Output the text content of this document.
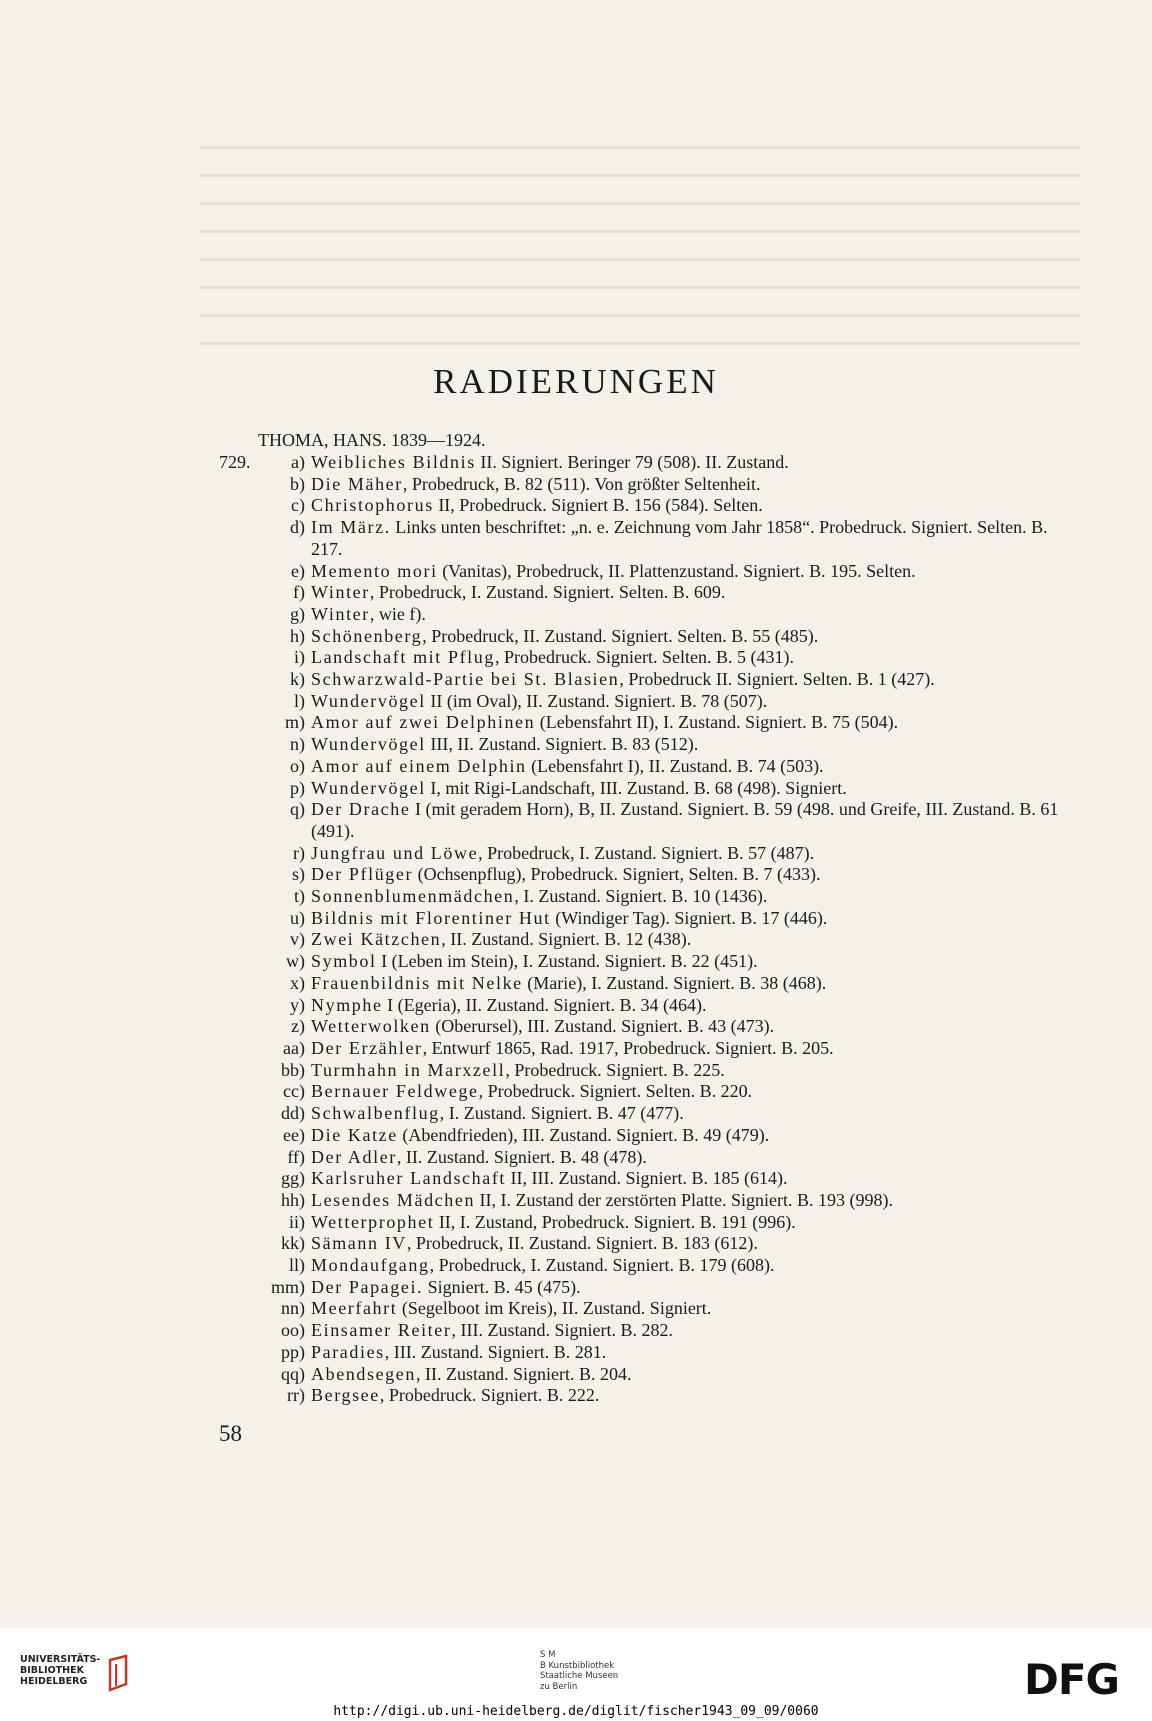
RADIERUNGEN
THOMA, HANS. 1839—1924.
729.	a) Weibliches Bildnis II. Signiert. Beringer 79 (508). II. Zustand.
b) Die Mäher, Probedruck, B. 82 (511). Von größter Seltenheit.
c) Christophorus II, Probedruck. Signiert B. 156 (584). Selten.
d) Im März. Links unten beschriftet: „n. e. Zeichnung vom Jahr 1858“. Probedruck. Signiert. Selten. B. 217.
e) Memento mori (Vanitas), Probedruck, II. Plattenzustand. Signiert. B. 195. Selten.
f) Winter, Probedruck, I. Zustand. Signiert. Selten. B. 609.
g) Winter, wie f).
h) Schönenberg, Probedruck, II. Zustand. Signiert. Selten. B. 55 (485).
i) Landschaft mit Pflug, Probedruck. Signiert. Selten. B. 5 (431).
k) Schwarzwald-Partie bei St. Blasien, Probedruck II. Signiert. Selten. B. 1 (427).
l) Wundervögel II (im Oval), II. Zustand. Signiert. B. 78 (507).
m) Amor auf zwei Delphinen (Lebensfahrt II), I. Zustand. Signiert. B. 75 (504).
n) Wundervögel III, II. Zustand. Signiert. B. 83 (512).
o) Amor auf einem Delphin (Lebensfahrt I), II. Zustand. B. 74 (503).
p) Wundervögel I, mit Rigi-Landschaft, III. Zustand. B. 68 (498). Signiert.
q) Der Drache I (mit geradem Horn), B, II. Zustand. Signiert. B. 59 (498. und Greife, III. Zustand. B. 61 (491).
r) Jungfrau und Löwe, Probedruck, I. Zustand. Signiert. B. 57 (487).
s) Der Pflüger (Ochsenpflug), Probedruck. Signiert, Selten. B. 7 (433).
t) Sonnenblumenmädchen, I. Zustand. Signiert. B. 10 (1436).
u) Bildnis mit Florentiner Hut (Windiger Tag). Signiert. B. 17 (446).
v) Zwei Kätzchen, II. Zustand. Signiert. B. 12 (438).
w) Symbol I (Leben im Stein), I. Zustand. Signiert. B. 22 (451).
x) Frauenbildnis mit Nelke (Marie), I. Zustand. Signiert. B. 38 (468).
y) Nymphe I (Egeria), II. Zustand. Signiert. B. 34 (464).
z) Wetterwolken (Oberursel), III. Zustand. Signiert. B. 43 (473).
aa) Der Erzähler, Entwurf 1865, Rad. 1917, Probedruck. Signiert. B. 205.
bb) Turmhahn in Marxzell, Probedruck. Signiert. B. 225.
cc) Bernauer Feldwege, Probedruck. Signiert. Selten. B. 220.
dd) Schwalbenflug, I. Zustand. Signiert. B. 47 (477).
ee) Die Katze (Abendfrieden), III. Zustand. Signiert. B. 49 (479).
ff) Der Adler, II. Zustand. Signiert. B. 48 (478).
gg) Karlsruher Landschaft II, III. Zustand. Signiert. B. 185 (614).
hh) Lesendes Mädchen II, I. Zustand der zerstörten Platte. Signiert. B. 193 (998).
ii) Wetterprophet II, I. Zustand, Probedruck. Signiert. B. 191 (996).
kk) Sämann IV, Probedruck, II. Zustand. Signiert. B. 183 (612).
ll) Mondaufgang, Probedruck, I. Zustand. Signiert. B. 179 (608).
mm) Der Papagei. Signiert. B. 45 (475).
nn) Meerfahrt (Segelboot im Kreis), II. Zustand. Signiert.
oo) Einsamer Reiter, III. Zustand. Signiert. B. 282.
pp) Paradies, III. Zustand. Signiert. B. 281.
qq) Abendsegen, II. Zustand. Signiert. B. 204.
rr) Bergsee, Probedruck. Signiert. B. 222.
58
UNIVERSITÄTS-
BIBLIOTHEK
HEIDELBERG
S M
B Kunstbibliothek
Staatliche Museen
zu Berlin	DFG
http://digi.ub.uni-heidelberg.de/diglit/fischer1943_09_09/0060
